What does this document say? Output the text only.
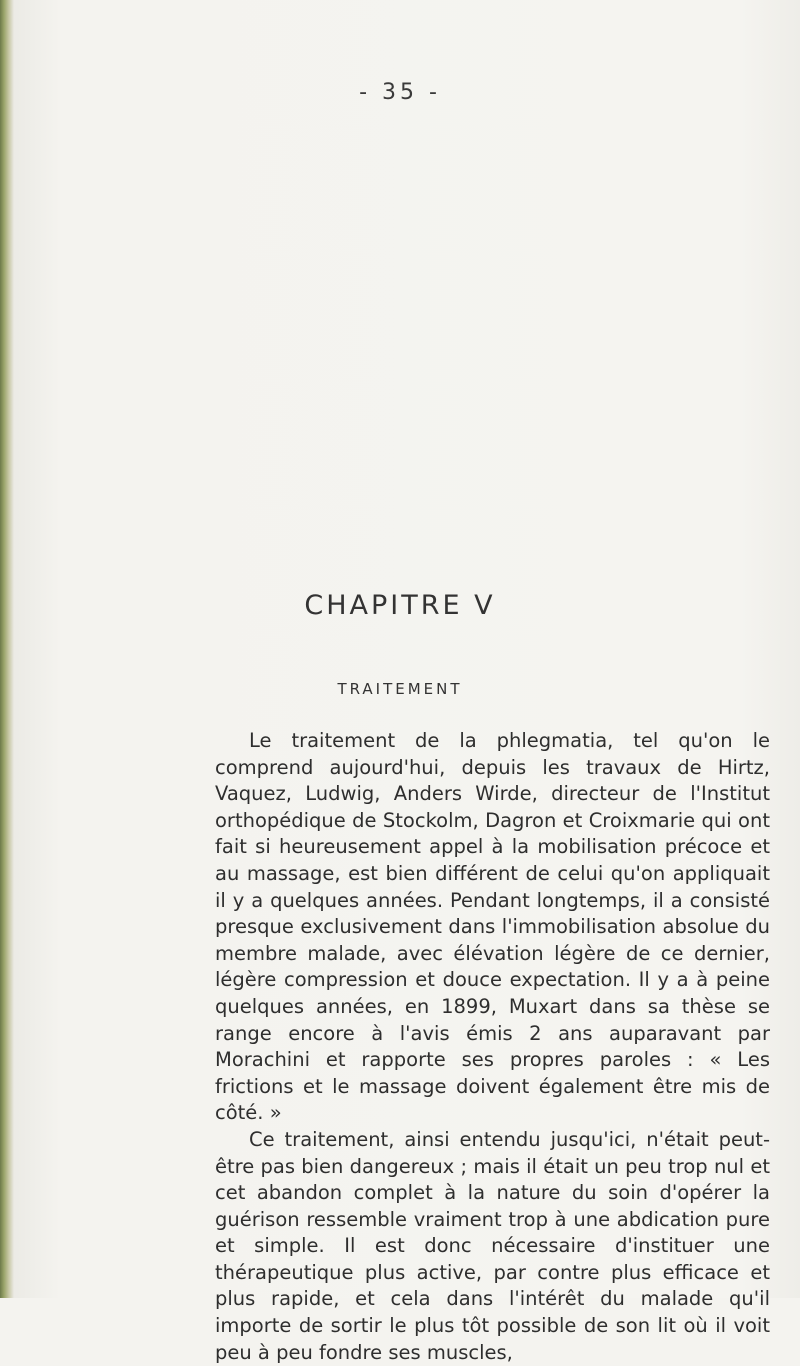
- 35 -
CHAPITRE V
TRAITEMENT

Le traitement de la phlegmatia, tel qu'on le comprend aujourd'hui, depuis les travaux de Hirtz, Vaquez, Ludwig, Anders Wirde, directeur de l'Institut orthopédique de Stockolm, Dagron et Croixmarie qui ont fait si heureusement appel à la mobilisation précoce et au massage, est bien différent de celui qu'on appliquait il y a quelques années. Pendant longtemps, il a consisté presque exclusivement dans l'immobilisation absolue du membre malade, avec élévation légère de ce dernier, légère compression et douce expectation. Il y a à peine quelques années, en 1899, Muxart dans sa thèse se range encore à l'avis émis 2 ans auparavant par Morachini et rapporte ses propres paroles : « Les frictions et le massage doivent également être mis de côté. »

Ce traitement, ainsi entendu jusqu'ici, n'était peut-être pas bien dangereux ; mais il était un peu trop nul et cet abandon complet à la nature du soin d'opérer la guérison ressemble vraiment trop à une abdication pure et simple. Il est donc nécessaire d'instituer une thérapeutique plus active, par contre plus efficace et plus rapide, et cela dans l'intérêt du malade qu'il importe de sortir le plus tôt possible de son lit où il voit peu à peu fondre ses muscles,
